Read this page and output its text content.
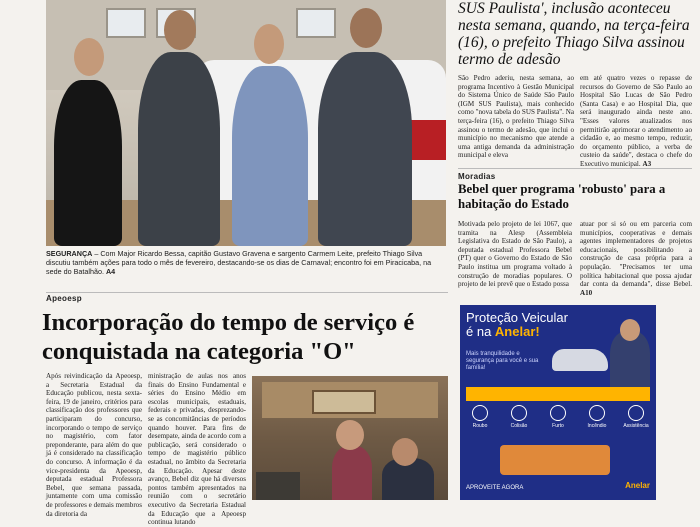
SEGURANÇA – Com Major Ricardo Bessa, capitão Gustavo Gravena e sargento Carmem Leite, prefeito Thiago Silva discutiu também ações para todo o mês de fevereiro, destacando-se os dias de Carnaval; encontro foi em Piracicaba, na sede do Batalhão. A4
SUS Paulista', inclusão aconteceu nesta semana, quando, na terça-feira (16), o prefeito Thiago Silva assinou termo de adesão
São Pedro aderiu, nesta semana, ao programa Incentivo à Gestão Municipal do Sistema Único de Saúde São Paulo (IGM SUS Paulista), mais conhecido como "nova tabela do SUS Paulista". Na terça-feira (16), o prefeito Thiago Silva assinou o termo de adesão, que inclui o município no mecanismo que atende a uma antiga demanda da administração municipal e eleva
em até quatro vezes o repasse de recursos do Governo de São Paulo ao Hospital São Lucas de São Pedro (Santa Casa) e ao Hospital Dia, que será inaugurado ainda neste ano. "Esses valores atualizados nos permitirão aprimorar o atendimento ao cidadão e, ao mesmo tempo, reduzir, do orçamento público, a verba de custeio da saúde", destaca o chefe do Executivo municipal. A3
Moradias
Bebel quer programa 'robusto' para a habitação do Estado
Motivada pelo projeto de lei 1067, que tramita na Alesp (Assembleia Legislativa do Estado de São Paulo), a deputada estadual Professora Bebel (PT) quer o Governo do Estado de São Paulo institua um programa voltado à construção de moradias populares. O projeto de lei prevê que o Estado possa
atuar por si só ou em parceria com municípios, cooperativas e demais agentes implementadores de projetos educacionais, possibilitando a construção de casa própria para a população. "Precisamos ter uma política habitacional que possa ajudar dar conta da demanda", disse Bebel. A10
Apeoesp
Incorporação do tempo de serviço é conquistada na categoria "O"
Após reivindicação da Apeoesp, a Secretaria Estadual da Educação publicou, nesta sexta-feira, 19 de janeiro, critérios para classificação dos professores que participaram do concurso, incorporando o tempo de serviço no magistério, com fator preponderante, para além do que já é considerado na classificação do concurso. A informação é da vice-presidenta da Apeoesp, deputada estadual Professora Bebel, que semana passada, juntamente com uma comissão de professores e demais membros da diretoria da
ministração de aulas nos anos finais do Ensino Fundamental e séries do Ensino Médio em escolas municipais, estaduais, federais e privadas, desprezando-se as concomitâncias de períodos quando houver. Para fins de desempate, ainda de acordo com a publicação, será considerado o tempo de magistério público estadual, no âmbito da Secretaria da Educação. Apesar deste avanço, Bebel diz que há diversos pontos também apresentados na reunião com o secretário executivo da Secretaria Estadual da Educação que a Apeoesp continua lutando
Proteção Veicular
é na Anelar!
Mais tranquilidade e segurança para você e sua família!
Roubo	Colisão	Furto	Incêndio	Assistência
APROVEITE AGORA	Anelar
